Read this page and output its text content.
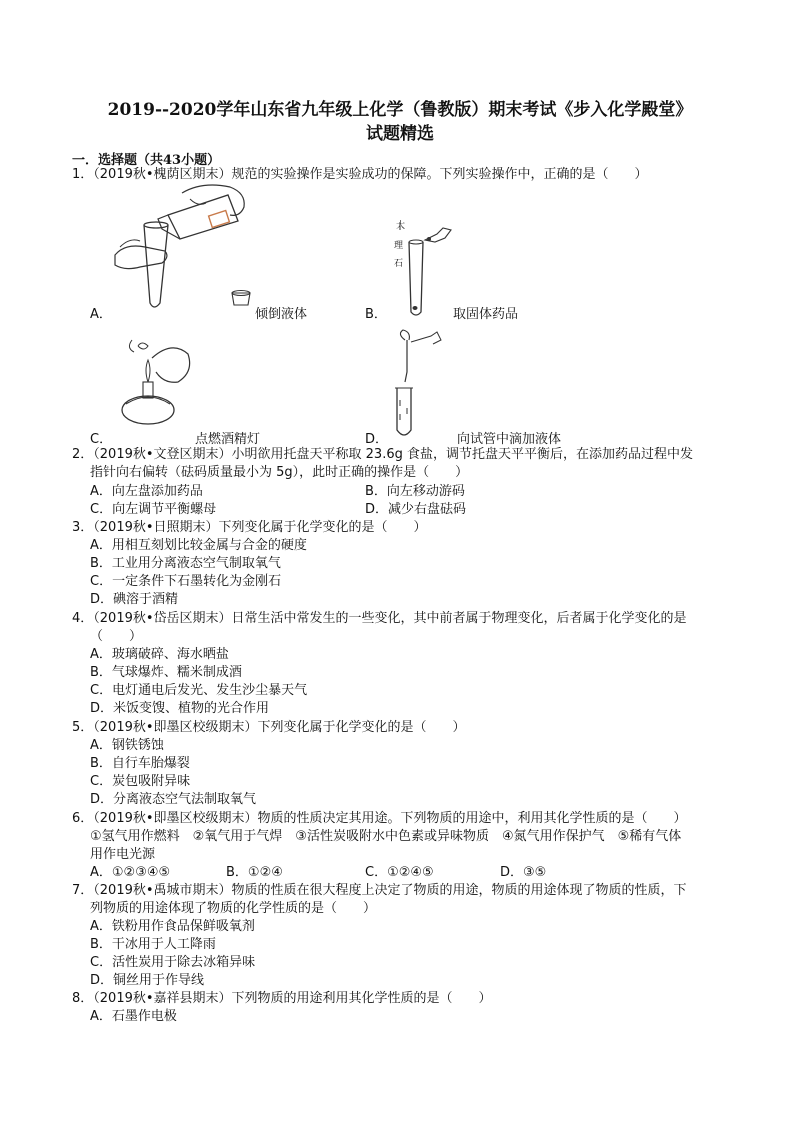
2019--2020学年山东省九年级上化学（鲁教版）期末考试《步入化学殿堂》
试题精选
一．选择题（共43小题）
1．（2019秋•槐荫区期末）规范的实验操作是实验成功的保障。下列实验操作中，正确的是（　　）
A．	倾倒液体
大
理
石
B．	取固体药品
C．	点燃酒精灯	D．	向试管中滴加液体
2．（2019秋•文登区期末）小明欲用托盘天平称取 23.6g 食盐，调节托盘天平平衡后，在添加药品过程中发
指针向右偏转（砝码质量最小为 5g），此时正确的操作是（　　）
A．向左盘添加药品	B．向左移动游码
C．向左调节平衡螺母	D．减少右盘砝码
3．（2019秋•日照期末）下列变化属于化学变化的是（　　）
A．用相互刻划比较金属与合金的硬度
B．工业用分离液态空气制取氧气
C．一定条件下石墨转化为金刚石
D．碘溶于酒精
4．（2019秋•岱岳区期末）日常生活中常发生的一些变化，其中前者属于物理变化，后者属于化学变化的是
（　　）
A．玻璃破碎、海水晒盐
B．气球爆炸、糯米制成酒
C．电灯通电后发光、发生沙尘暴天气
D．米饭变馊、植物的光合作用
5．（2019秋•即墨区校级期末）下列变化属于化学变化的是（　　）
A．钢铁锈蚀
B．自行车胎爆裂
C．炭包吸附异味
D．分离液态空气法制取氧气
6．（2019秋•即墨区校级期末）物质的性质决定其用途。下列物质的用途中，利用其化学性质的是（　　）
①氢气用作燃料　②氧气用于气焊　③活性炭吸附水中色素或异味物质　④氮气用作保护气　⑤稀有气体
用作电光源
A．①②③④⑤	B．①②④	C．①②④⑤	D．③⑤
7．（2019秋•禹城市期末）物质的性质在很大程度上决定了物质的用途，物质的用途体现了物质的性质，下
列物质的用途体现了物质的化学性质的是（　　）
A．铁粉用作食品保鲜吸氧剂
B．干冰用于人工降雨
C．活性炭用于除去冰箱异味
D．铜丝用于作导线
8．（2019秋•嘉祥县期末）下列物质的用途利用其化学性质的是（　　）
A．石墨作电极
